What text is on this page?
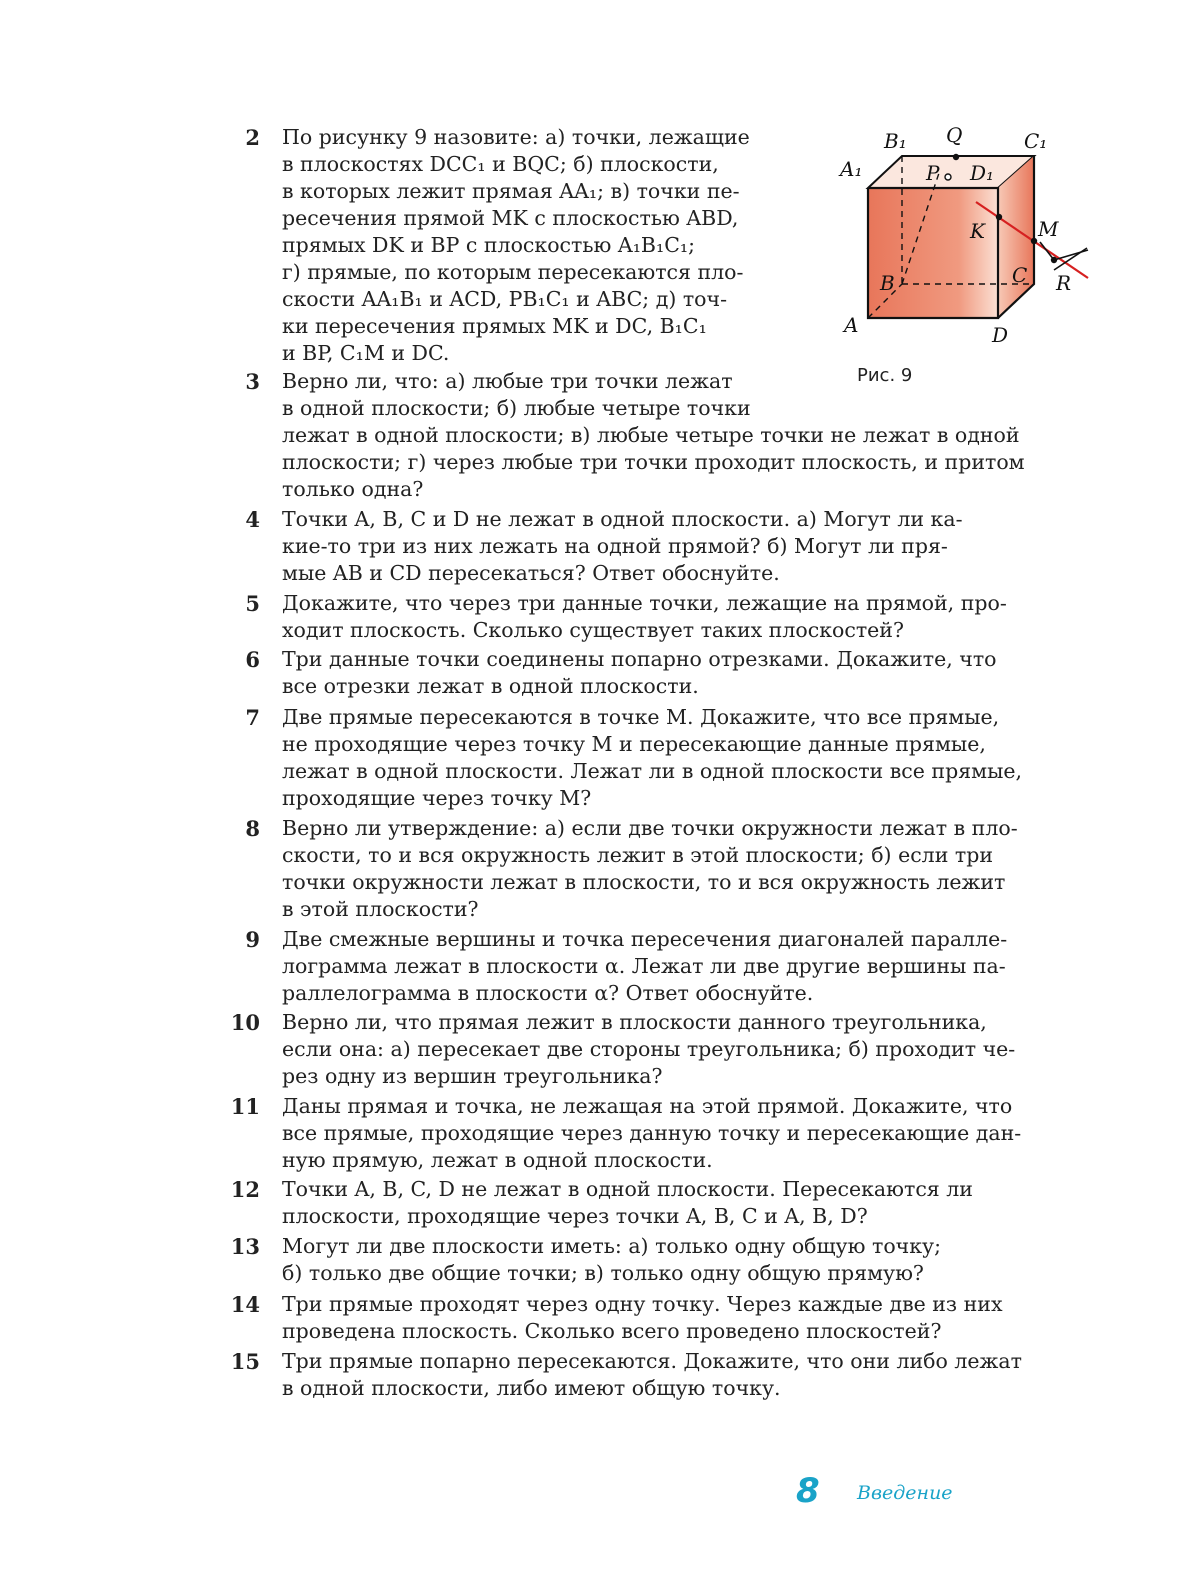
2 По рисунку 9 назовите: а) точки, лежащие
в плоскостях DCC₁ и BQC; б) плоскости,
в которых лежит прямая AA₁; в) точки пе-
ресечения прямой MK с плоскостью ABD,
прямых DK и BP с плоскостью A₁B₁C₁;
г) прямые, по которым пересекаются пло-
скости AA₁B₁ и ACD, PB₁C₁ и ABC; д) точ-
ки пересечения прямых MK и DC, B₁C₁
и BP, C₁M и DC.
3 Верно ли, что: а) любые три точки лежат
в одной плоскости; б) любые четыре точки
лежат в одной плоскости; в) любые четыре точки не лежат в одной
плоскости; г) через любые три точки проходит плоскость, и притом
только одна?
4 Точки A, B, C и D не лежат в одной плоскости. а) Могут ли ка-
кие-то три из них лежать на одной прямой? б) Могут ли пря-
мые AB и CD пересекаться? Ответ обоснуйте.
5 Докажите, что через три данные точки, лежащие на прямой, про-
ходит плоскость. Сколько существует таких плоскостей?
6 Три данные точки соединены попарно отрезками. Докажите, что
все отрезки лежат в одной плоскости.
7 Две прямые пересекаются в точке M. Докажите, что все прямые,
не проходящие через точку M и пересекающие данные прямые,
лежат в одной плоскости. Лежат ли в одной плоскости все прямые,
проходящие через точку M?
8 Верно ли утверждение: а) если две точки окружности лежат в пло-
скости, то и вся окружность лежит в этой плоскости; б) если три
точки окружности лежат в плоскости, то и вся окружность лежит
в этой плоскости?
9 Две смежные вершины и точка пересечения диагоналей паралле-
лограмма лежат в плоскости α. Лежат ли две другие вершины па-
раллелограмма в плоскости α? Ответ обоснуйте.
10 Верно ли, что прямая лежит в плоскости данного треугольника,
если она: а) пересекает две стороны треугольника; б) проходит че-
рез одну из вершин треугольника?
11 Даны прямая и точка, не лежащая на этой прямой. Докажите, что
все прямые, проходящие через данную точку и пересекающие дан-
ную прямую, лежат в одной плоскости.
12 Точки A, B, C, D не лежат в одной плоскости. Пересекаются ли
плоскости, проходящие через точки A, B, C и A, B, D?
13 Могут ли две плоскости иметь: а) только одну общую точку;
б) только две общие точки; в) только одну общую прямую?
14 Три прямые проходят через одну точку. Через каждые две из них
проведена плоскость. Сколько всего проведено плоскостей?
15 Три прямые попарно пересекаются. Докажите, что они либо лежат
в одной плоскости, либо имеют общую точку.
B₁ Q	C₁
A₁	P D₁
K	M
C
B	R
A	D
Рис. 9
8 Введение
